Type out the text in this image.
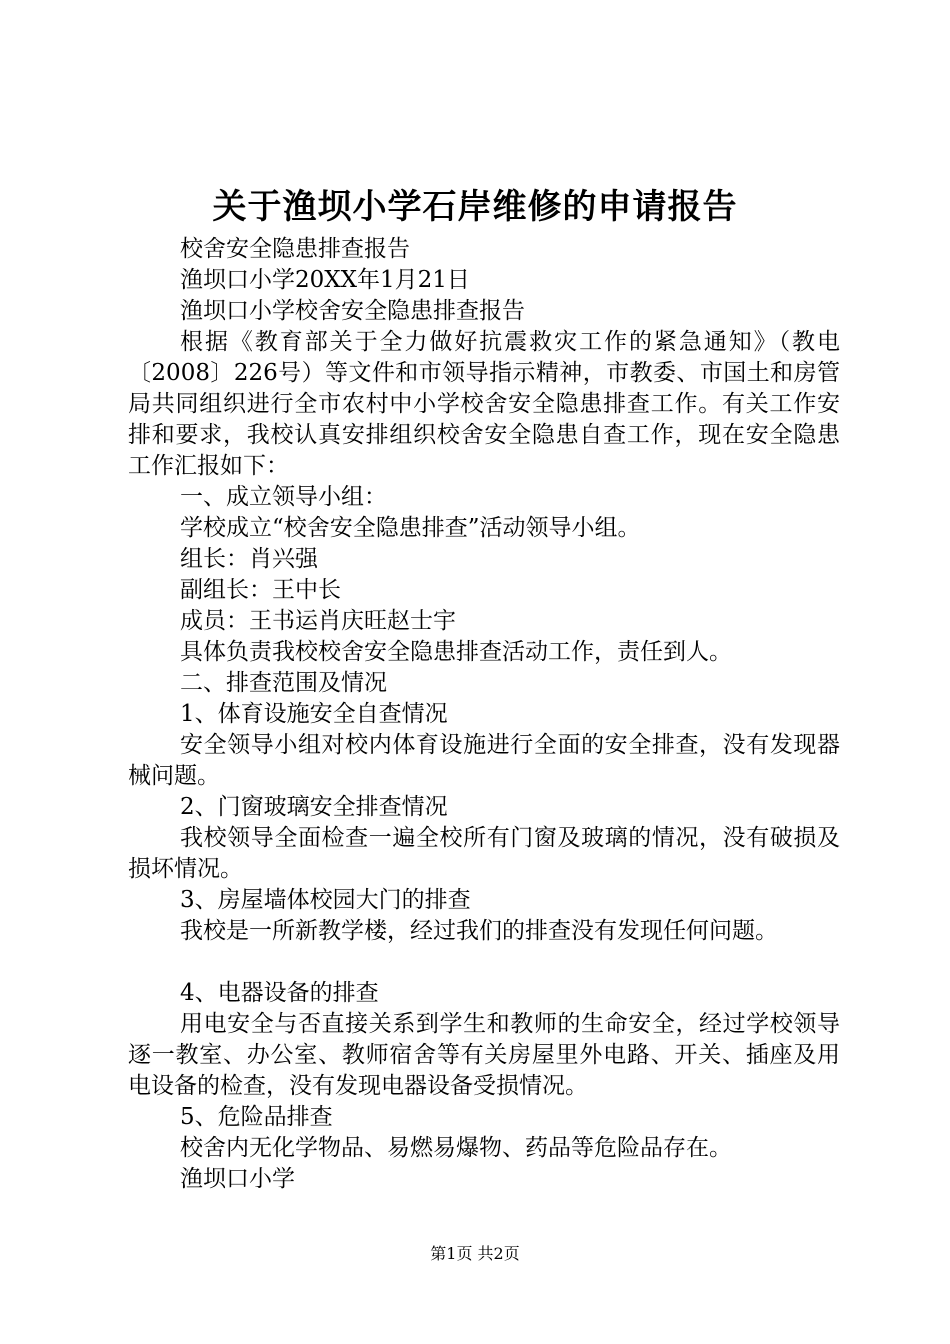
关于渔坝小学石岸维修的申请报告

校舍安全隐患排查报告

渔坝口小学20XX年1月21日

渔坝口小学校舍安全隐患排查报告

根据《教育部关于全力做好抗震救灾工作的紧急通知》（教电〔2008〕226号）等文件和市领导指示精神，市教委、市国土和房管局共同组织进行全市农村中小学校舍安全隐患排查工作。有关工作安排和要求，我校认真安排组织校舍安全隐患自查工作，现在安全隐患工作汇报如下：

一、成立领导小组：

学校成立“校舍安全隐患排查”活动领导小组。

组长：肖兴强

副组长：王中长

成员：王书运肖庆旺赵士宇

具体负责我校校舍安全隐患排查活动工作，责任到人。

二、排查范围及情况

1、体育设施安全自查情况

安全领导小组对校内体育设施进行全面的安全排查，没有发现器械问题。

2、门窗玻璃安全排查情况

我校领导全面检查一遍全校所有门窗及玻璃的情况，没有破损及损坏情况。

3、房屋墙体校园大门的排查

我校是一所新教学楼，经过我们的排查没有发现任何问题。

4、电器设备的排查

用电安全与否直接关系到学生和教师的生命安全，经过学校领导逐一教室、办公室、教师宿舍等有关房屋里外电路、开关、插座及用电设备的检查，没有发现电器设备受损情况。

5、危险品排查

校舍内无化学物品、易燃易爆物、药品等危险品存在。

渔坝口小学

第1页 共2页
